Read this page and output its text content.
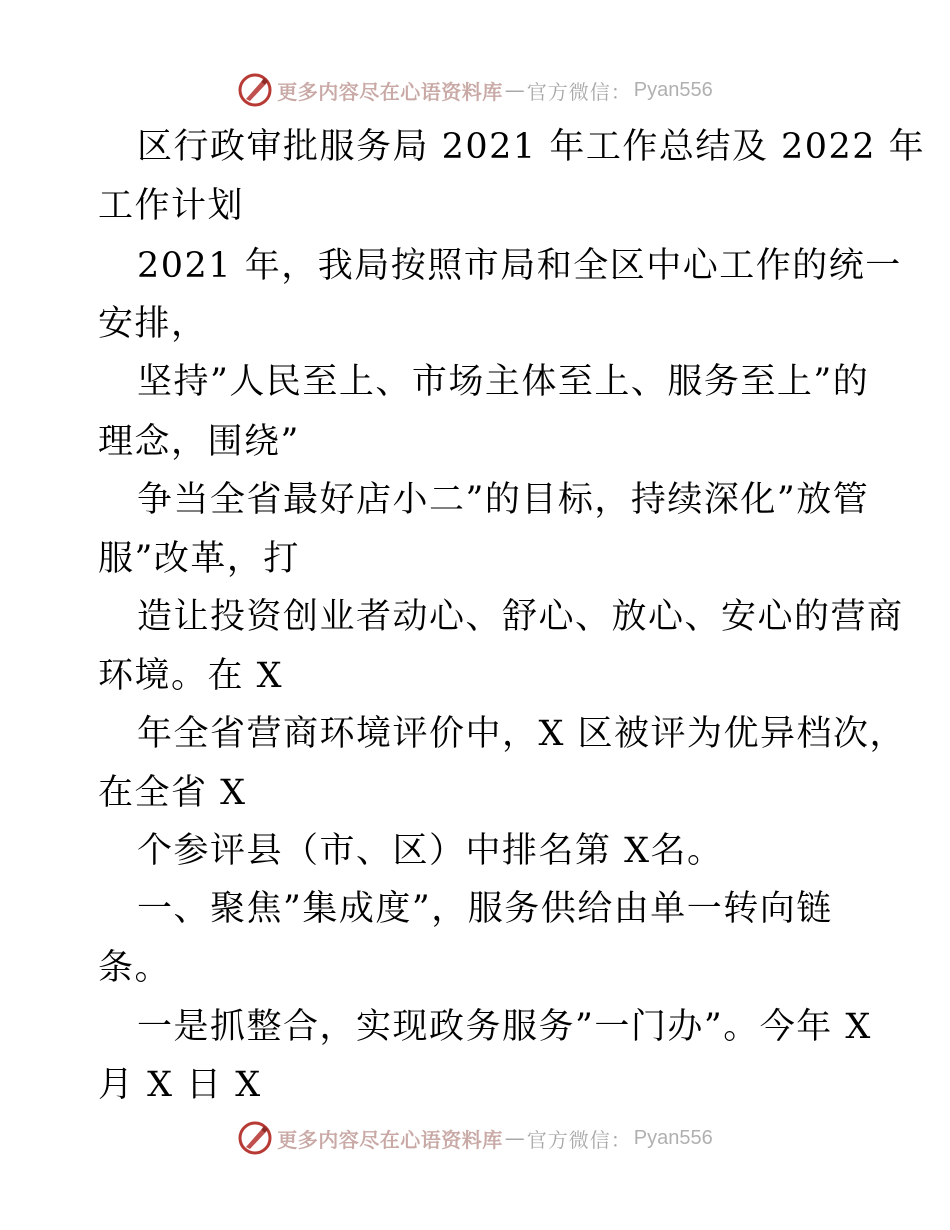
更多内容尽在心语资料库 — 官方微信： Pyan556
区行政审批服务局 2021 年工作总结及 2022 年
工作计划
2021 年，我局按照市局和全区中心工作的统一
安排，
坚持”人民至上、市场主体至上、服务至上”的
理念，围绕”
争当全省最好店小二”的目标，持续深化”放管
服”改革，打
造让投资创业者动心、舒心、放心、安心的营商
环境。在 X
年全省营商环境评价中，X 区被评为优异档次，
在全省 X
个参评县（市、区）中排名第 X名。
一、聚焦”集成度”，服务供给由单一转向链
条。
一是抓整合，实现政务服务”一门办”。今年 X
月 X 日 X
更多内容尽在心语资料库 — 官方微信： Pyan556
